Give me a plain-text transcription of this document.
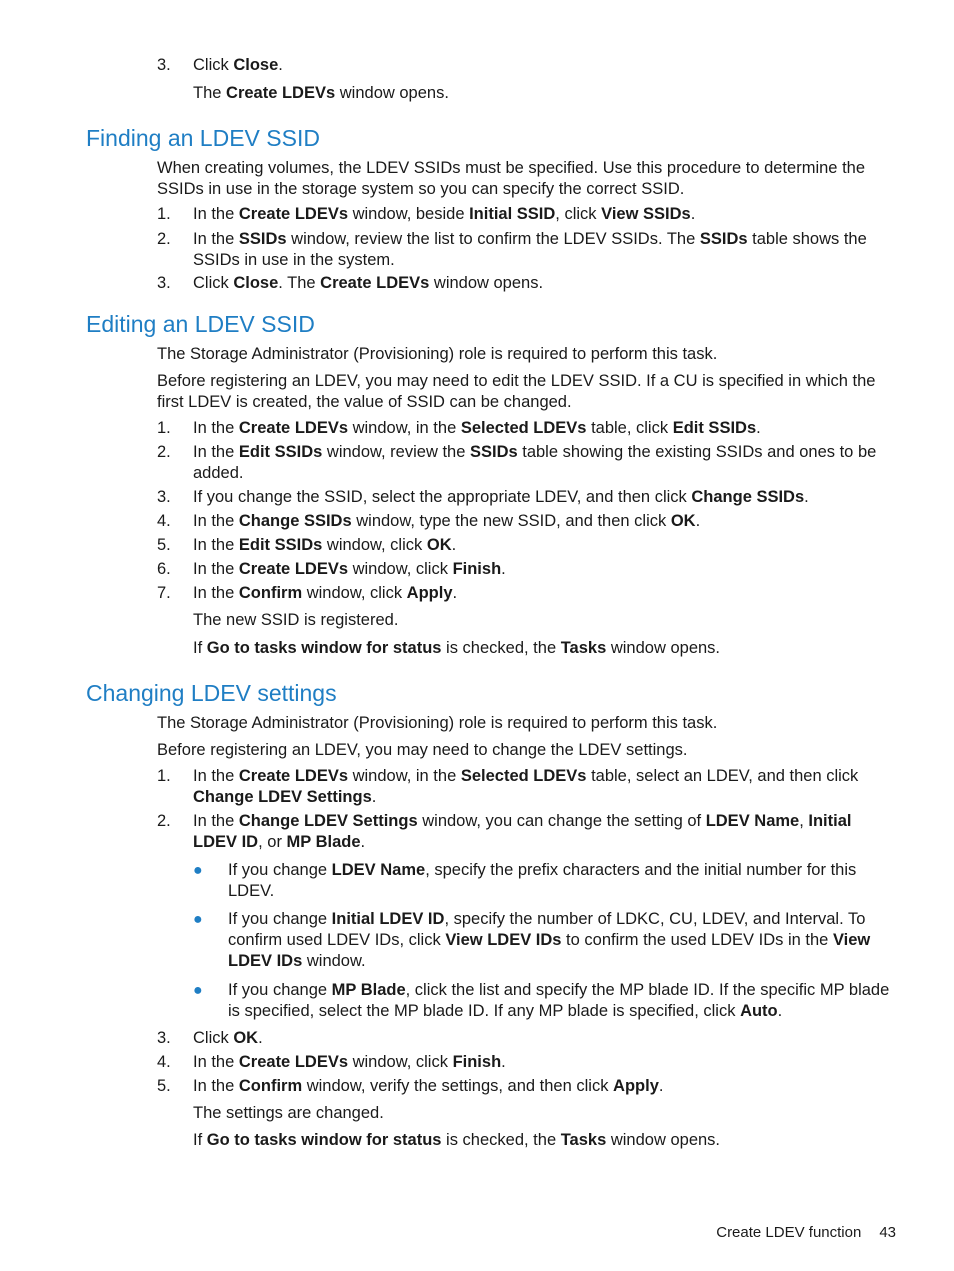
3.	Click Close.
The Create LDEVs window opens.
Finding an LDEV SSID
When creating volumes, the LDEV SSIDs must be specified. Use this procedure to determine the SSIDs in use in the storage system so you can specify the correct SSID.
1.	In the Create LDEVs window, beside Initial SSID, click View SSIDs.
2.	In the SSIDs window, review the list to confirm the LDEV SSIDs. The SSIDs table shows the SSIDs in use in the system.
3.	Click Close. The Create LDEVs window opens.
Editing an LDEV SSID
The Storage Administrator (Provisioning) role is required to perform this task.
Before registering an LDEV, you may need to edit the LDEV SSID. If a CU is specified in which the first LDEV is created, the value of SSID can be changed.
1.	In the Create LDEVs window, in the Selected LDEVs table, click Edit SSIDs.
2.	In the Edit SSIDs window, review the SSIDs table showing the existing SSIDs and ones to be added.
3.	If you change the SSID, select the appropriate LDEV, and then click Change SSIDs.
4.	In the Change SSIDs window, type the new SSID, and then click OK.
5.	In the Edit SSIDs window, click OK.
6.	In the Create LDEVs window, click Finish.
7.	In the Confirm window, click Apply.
The new SSID is registered.
If Go to tasks window for status is checked, the Tasks window opens.
Changing LDEV settings
The Storage Administrator (Provisioning) role is required to perform this task.
Before registering an LDEV, you may need to change the LDEV settings.
1.	In the Create LDEVs window, in the Selected LDEVs table, select an LDEV, and then click Change LDEV Settings.
2.	In the Change LDEV Settings window, you can change the setting of LDEV Name, Initial LDEV ID, or MP Blade.
● If you change LDEV Name, specify the prefix characters and the initial number for this LDEV.
● If you change Initial LDEV ID, specify the number of LDKC, CU, LDEV, and Interval. To confirm used LDEV IDs, click View LDEV IDs to confirm the used LDEV IDs in the View LDEV IDs window.
● If you change MP Blade, click the list and specify the MP blade ID. If the specific MP blade is specified, select the MP blade ID. If any MP blade is specified, click Auto.
3.	Click OK.
4.	In the Create LDEVs window, click Finish.
5.	In the Confirm window, verify the settings, and then click Apply.
The settings are changed.
If Go to tasks window for status is checked, the Tasks window opens.
Create LDEV function 43
